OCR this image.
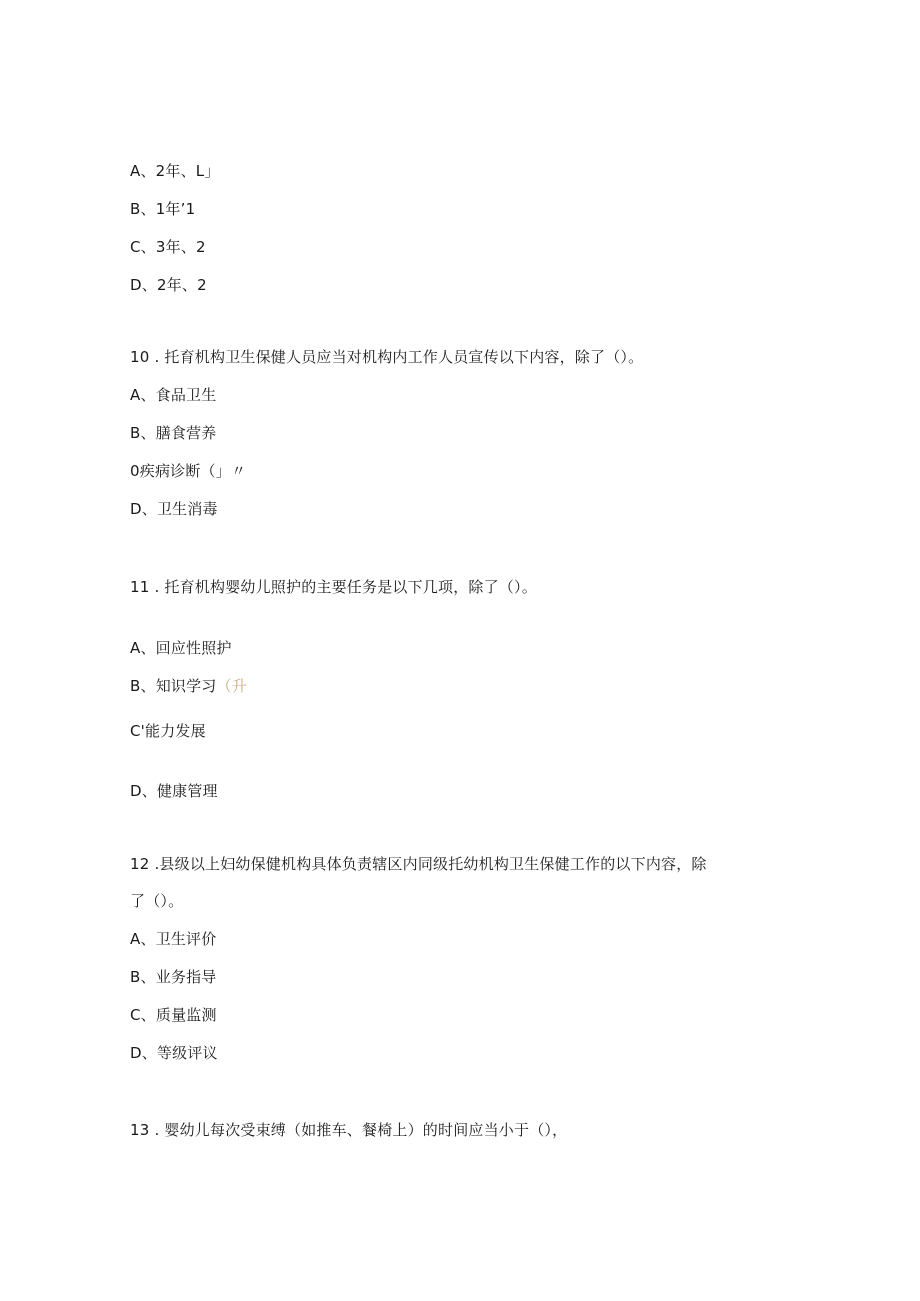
A、2年、L」
B、1年’1
C、3年、2
D、2年、2
10 . 托育机构卫生保健人员应当对机构内工作人员宣传以下内容，除了（）。
A、食品卫生
B、膳食营养
0疾病诊断（」〃
D、卫生消毒
11 . 托育机构婴幼儿照护的主要任务是以下几项，除了（）。
A、回应性照护
B、知识学习（升
C'能力发展
D、健康管理
12 .县级以上妇幼保健机构具体负责辖区内同级托幼机构卫生保健工作的以下内容，除
了（）。
A、卫生评价
B、业务指导
C、质量监测
D、等级评议
13 . 婴幼儿每次受束缚（如推车、餐椅上）的时间应当小于（），
